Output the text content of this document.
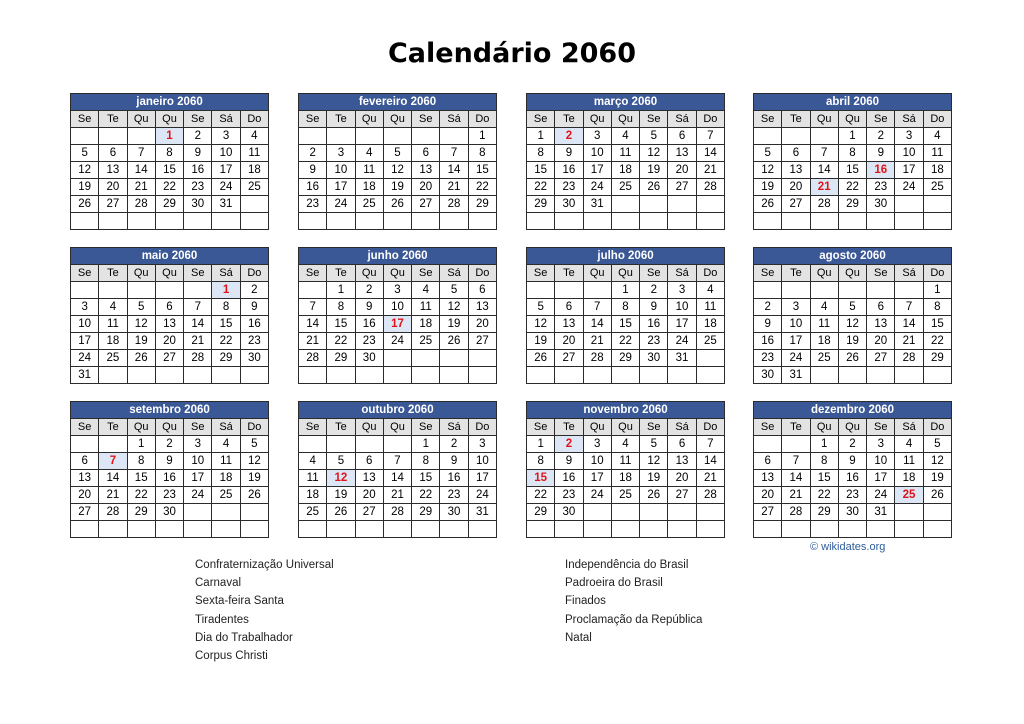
Calendário 2060
janeiro 2060						
Se	Te	Qu	Qu	Se	Sá	Do
			1	2	3	4
5	6	7	8	9	10	11
12	13	14	15	16	17	18
19	20	21	22	23	24	25
26	27	28	29	30	31	

fevereiro 2060						
Se	Te	Qu	Qu	Se	Sá	Do
						1
2	3	4	5	6	7	8
9	10	11	12	13	14	15
16	17	18	19	20	21	22
23	24	25	26	27	28	29

março 2060						
Se	Te	Qu	Qu	Se	Sá	Do
1	2	3	4	5	6	7
8	9	10	11	12	13	14
15	16	17	18	19	20	21
22	23	24	25	26	27	28
29	30	31				

abril 2060						
Se	Te	Qu	Qu	Se	Sá	Do
			1	2	3	4
5	6	7	8	9	10	11
12	13	14	15	16	17	18
19	20	21	22	23	24	25
26	27	28	29	30		

maio 2060						
Se	Te	Qu	Qu	Se	Sá	Do
					1	2
3	4	5	6	7	8	9
10	11	12	13	14	15	16
17	18	19	20	21	22	23
24	25	26	27	28	29	30
31						
junho 2060						
Se	Te	Qu	Qu	Se	Sá	Do
	1	2	3	4	5	6
7	8	9	10	11	12	13
14	15	16	17	18	19	20
21	22	23	24	25	26	27
28	29	30				

julho 2060						
Se	Te	Qu	Qu	Se	Sá	Do
			1	2	3	4
5	6	7	8	9	10	11
12	13	14	15	16	17	18
19	20	21	22	23	24	25
26	27	28	29	30	31	

agosto 2060						
Se	Te	Qu	Qu	Se	Sá	Do
						1
2	3	4	5	6	7	8
9	10	11	12	13	14	15
16	17	18	19	20	21	22
23	24	25	26	27	28	29
30	31					
setembro 2060						
Se	Te	Qu	Qu	Se	Sá	Do
		1	2	3	4	5
6	7	8	9	10	11	12
13	14	15	16	17	18	19
20	21	22	23	24	25	26
27	28	29	30			

outubro 2060						
Se	Te	Qu	Qu	Se	Sá	Do
				1	2	3
4	5	6	7	8	9	10
11	12	13	14	15	16	17
18	19	20	21	22	23	24
25	26	27	28	29	30	31

novembro 2060						
Se	Te	Qu	Qu	Se	Sá	Do
1	2	3	4	5	6	7
8	9	10	11	12	13	14
15	16	17	18	19	20	21
22	23	24	25	26	27	28
29	30					

dezembro 2060						
Se	Te	Qu	Qu	Se	Sá	Do
		1	2	3	4	5
6	7	8	9	10	11	12
13	14	15	16	17	18	19
20	21	22	23	24	25	26
27	28	29	30	31		

Confraternização Universal
Carnaval
Sexta-feira Santa
Tiradentes
Dia do Trabalhador
Corpus Christi
Independência do Brasil
Padroeira do Brasil
Finados
Proclamação da República
Natal
© wikidates.org
